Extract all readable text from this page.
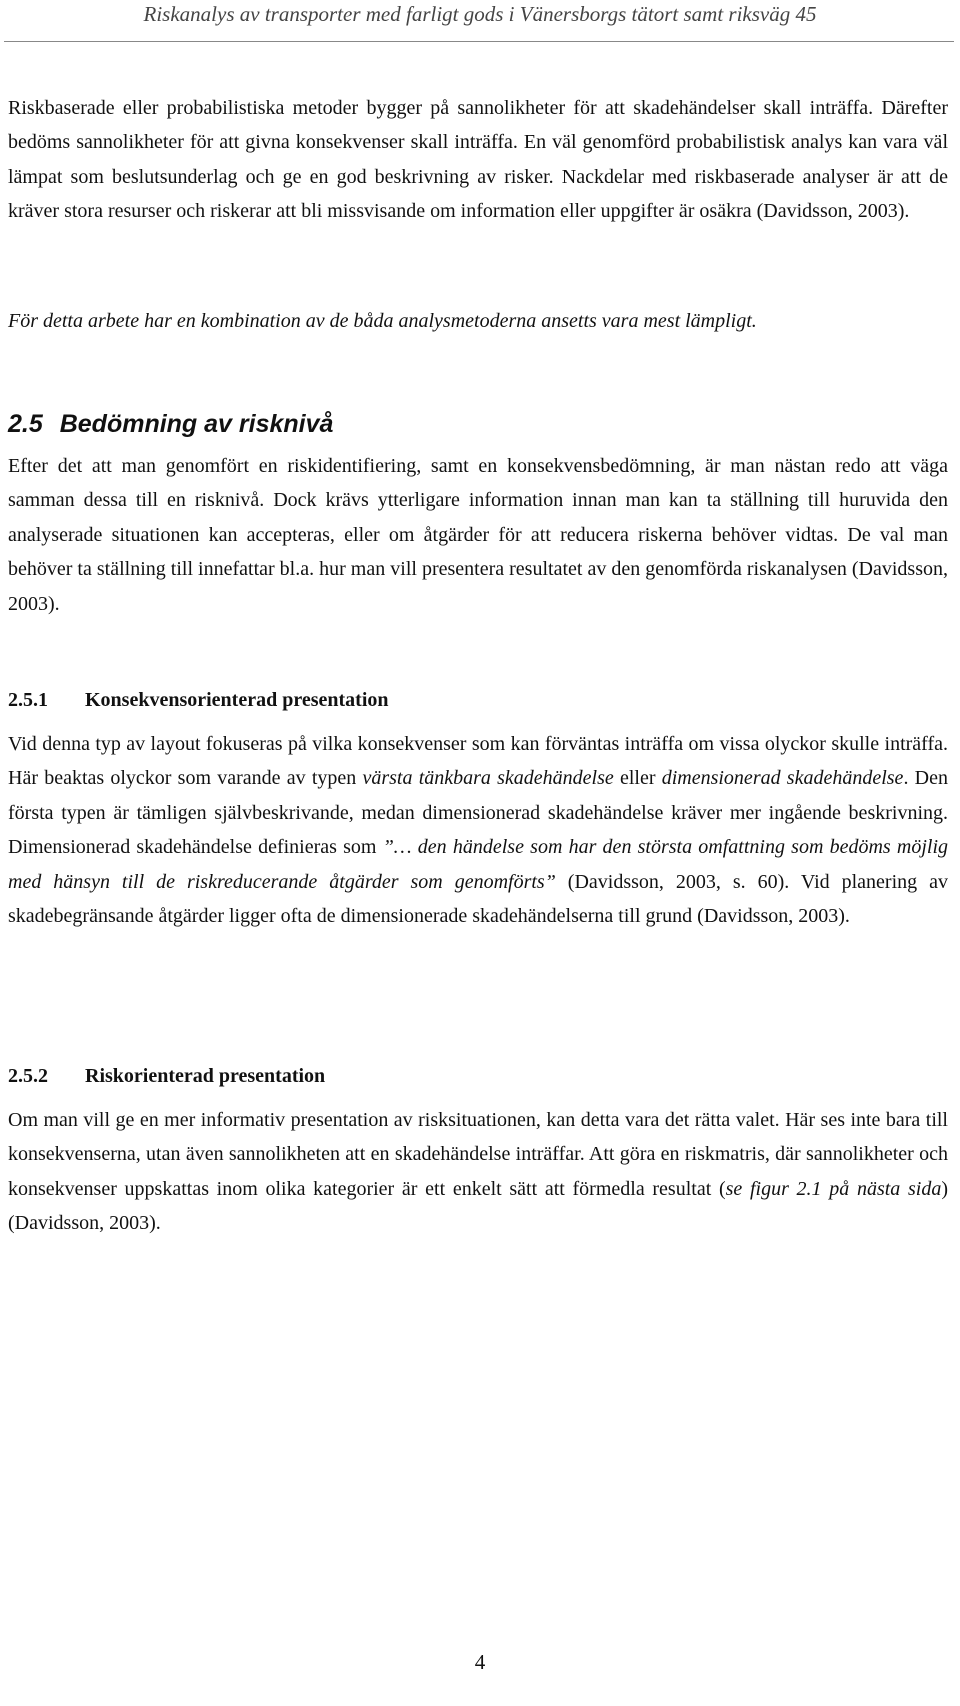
Riskanalys av transporter med farligt gods i Vänersborgs tätort samt riksväg 45

Riskbaserade eller probabilistiska metoder bygger på sannolikheter för att skadehändelser skall inträffa. Därefter bedöms sannolikheter för att givna konsekvenser skall inträffa. En väl genomförd probabilistisk analys kan vara väl lämpat som beslutsunderlag och ge en god beskrivning av risker. Nackdelar med riskbaserade analyser är att de kräver stora resurser och riskerar att bli missvisande om information eller uppgifter är osäkra (Davidsson, 2003).

För detta arbete har en kombination av de båda analysmetoderna ansetts vara mest lämpligt.

2.5 Bedömning av risknivå

Efter det att man genomfört en riskidentifiering, samt en konsekvensbedömning, är man nästan redo att väga samman dessa till en risknivå. Dock krävs ytterligare information innan man kan ta ställning till huruvida den analyserade situationen kan accepteras, eller om åtgärder för att reducera riskerna behöver vidtas. De val man behöver ta ställning till innefattar bl.a. hur man vill presentera resultatet av den genomförda riskanalysen (Davidsson, 2003).

2.5.1 Konsekvensorienterad presentation

Vid denna typ av layout fokuseras på vilka konsekvenser som kan förväntas inträffa om vissa olyckor skulle inträffa. Här beaktas olyckor som varande av typen värsta tänkbara skadehändelse eller dimensionerad skadehändelse. Den första typen är tämligen självbeskrivande, medan dimensionerad skadehändelse kräver mer ingående beskrivning. Dimensionerad skadehändelse definieras som ”… den händelse som har den största omfattning som bedöms möjlig med hänsyn till de riskreducerande åtgärder som genomförts” (Davidsson, 2003, s. 60). Vid planering av skadebegränsande åtgärder ligger ofta de dimensionerade skadehändelserna till grund (Davidsson, 2003).

2.5.2 Riskorienterad presentation

Om man vill ge en mer informativ presentation av risksituationen, kan detta vara det rätta valet. Här ses inte bara till konsekvenserna, utan även sannolikheten att en skadehändelse inträffar. Att göra en riskmatris, där sannolikheter och konsekvenser uppskattas inom olika kategorier är ett enkelt sätt att förmedla resultat (se figur 2.1 på nästa sida) (Davidsson, 2003).

4
